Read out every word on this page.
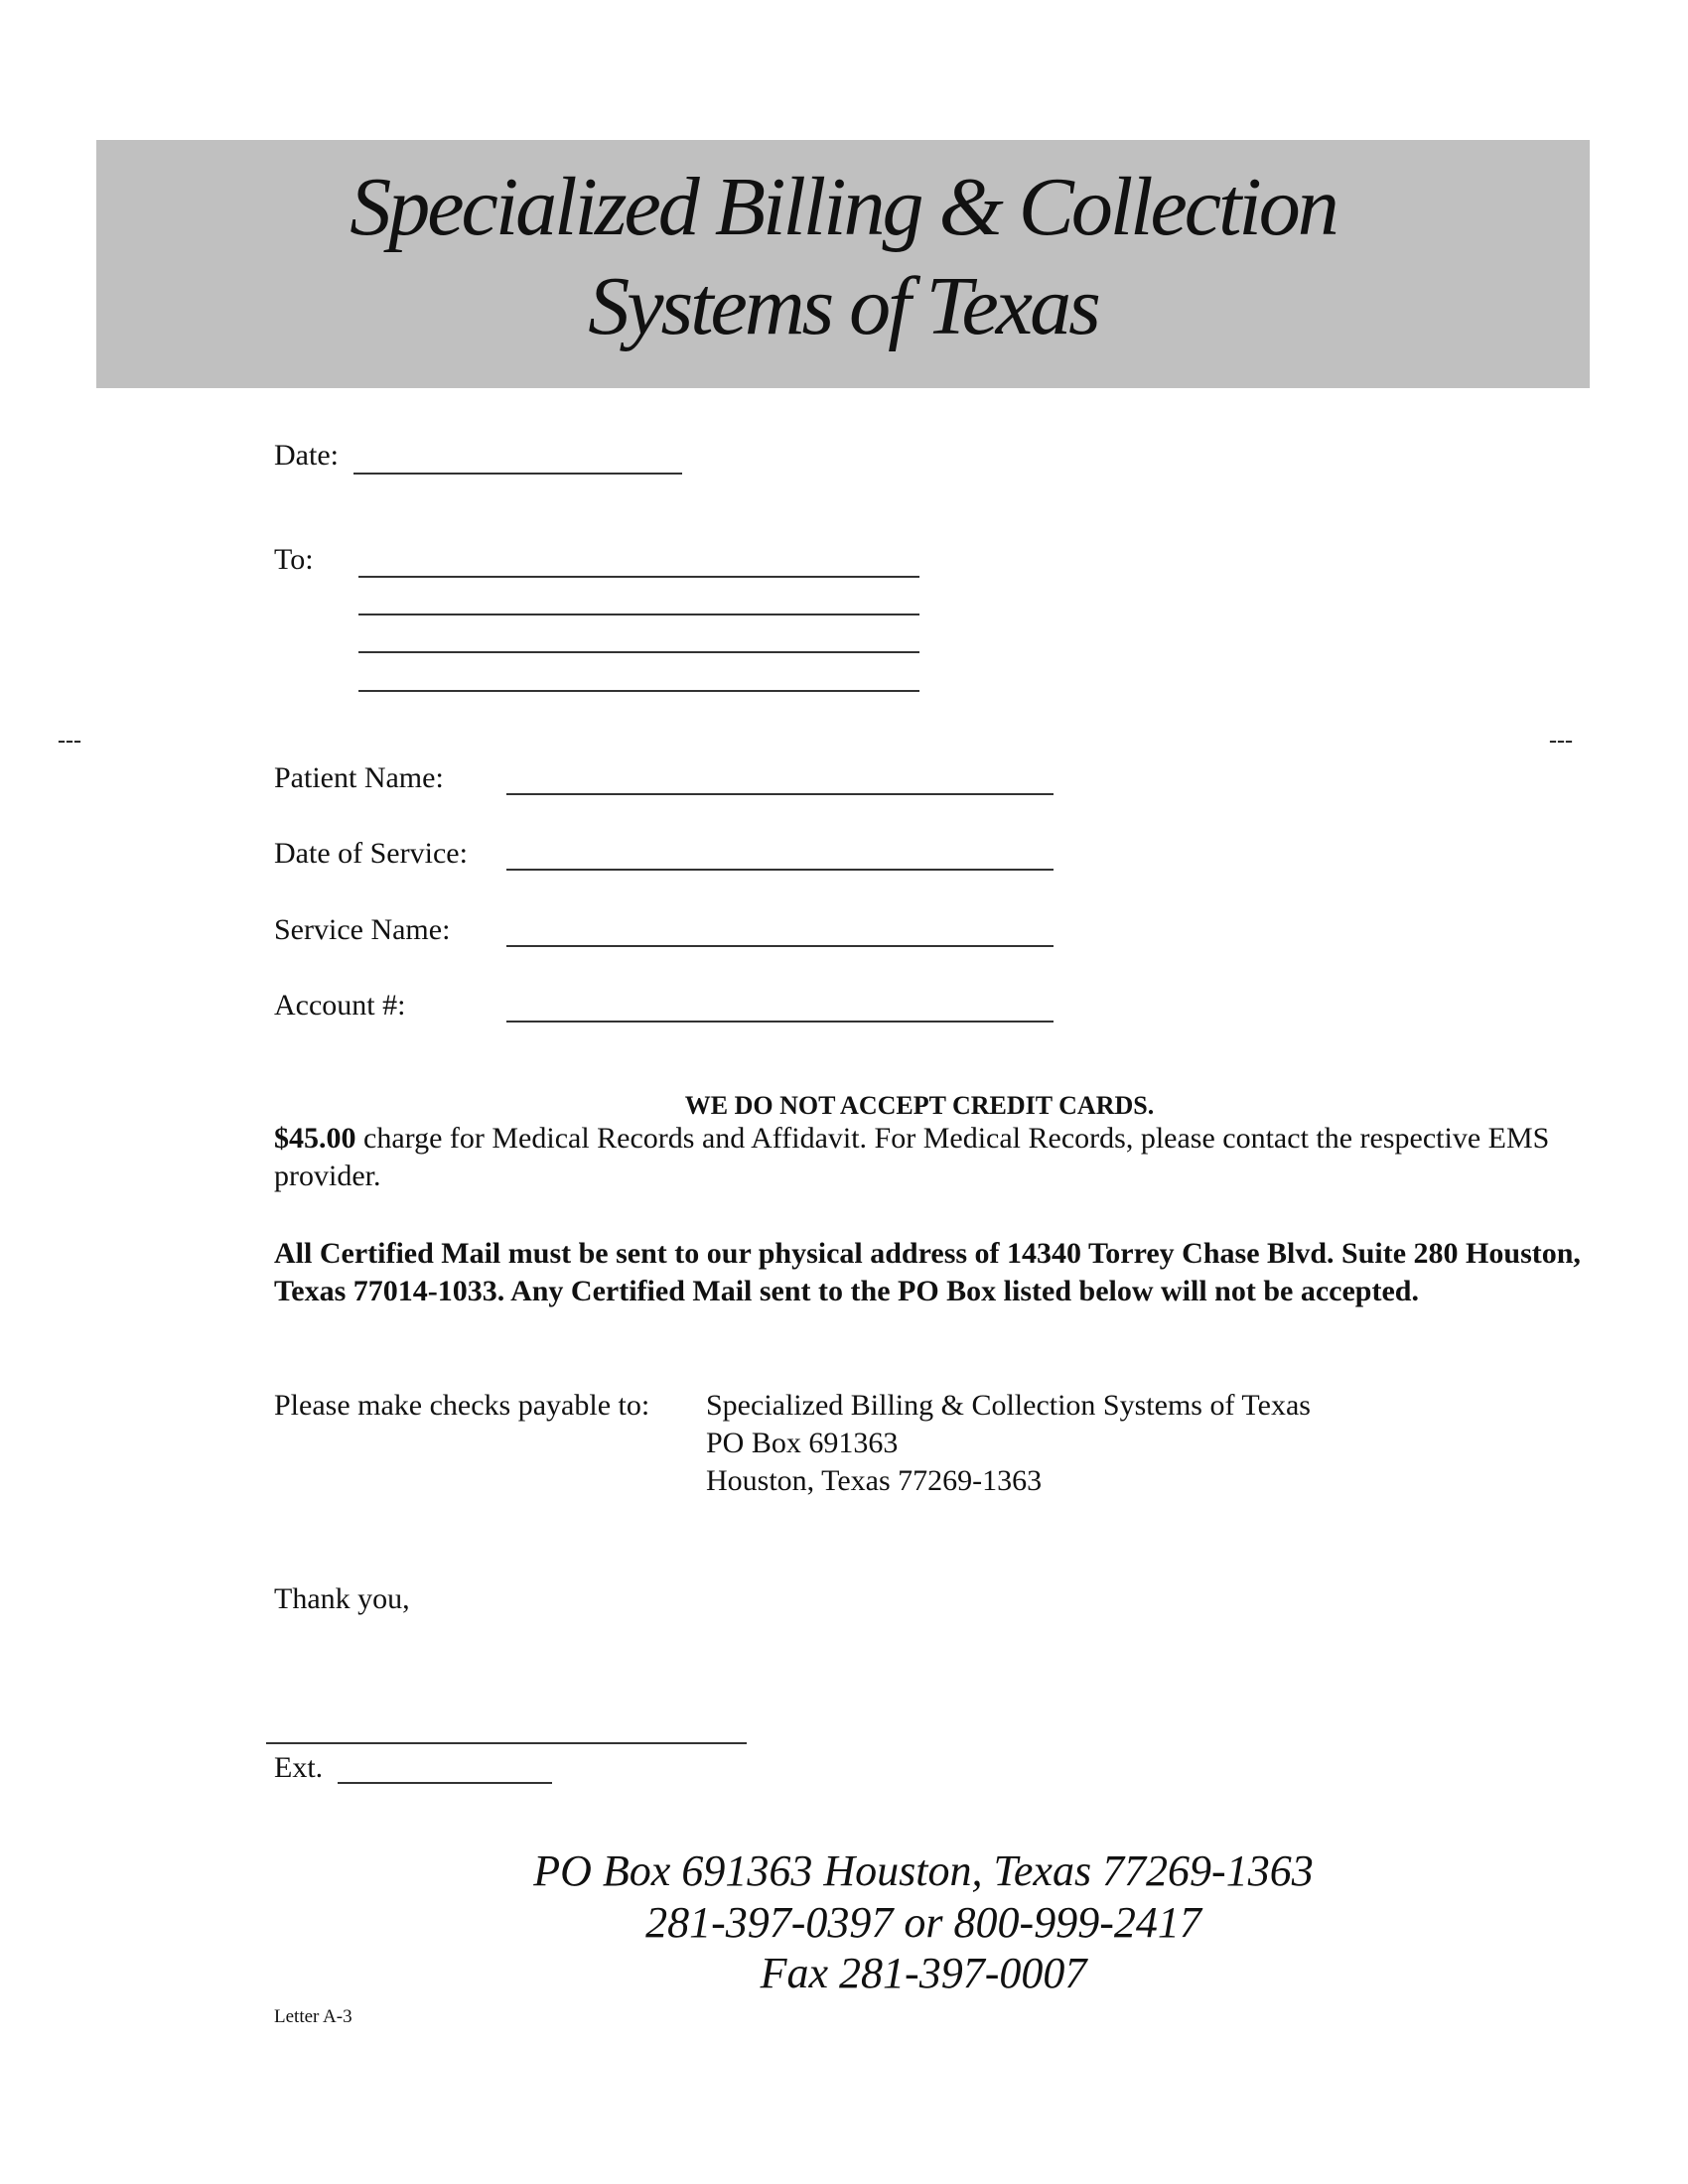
Specialized Billing & Collection
Systems of Texas
Date:
To:
---	---
Patient Name:
Date of Service:
Service Name:
Account #:
WE DO NOT ACCEPT CREDIT CARDS.
$45.00 charge for Medical Records and Affidavit. For Medical Records, please contact the respective EMS provider.
All Certified Mail must be sent to our physical address of 14340 Torrey Chase Blvd. Suite 280 Houston, Texas 77014-1033. Any Certified Mail sent to the PO Box listed below will not be accepted.
Please make checks payable to: Specialized Billing & Collection Systems of Texas
PO Box 691363
Houston, Texas 77269-1363
Thank you,
Ext.
PO Box 691363 Houston, Texas 77269-1363
281-397-0397 or 800-999-2417
Fax 281-397-0007
Letter A-3
